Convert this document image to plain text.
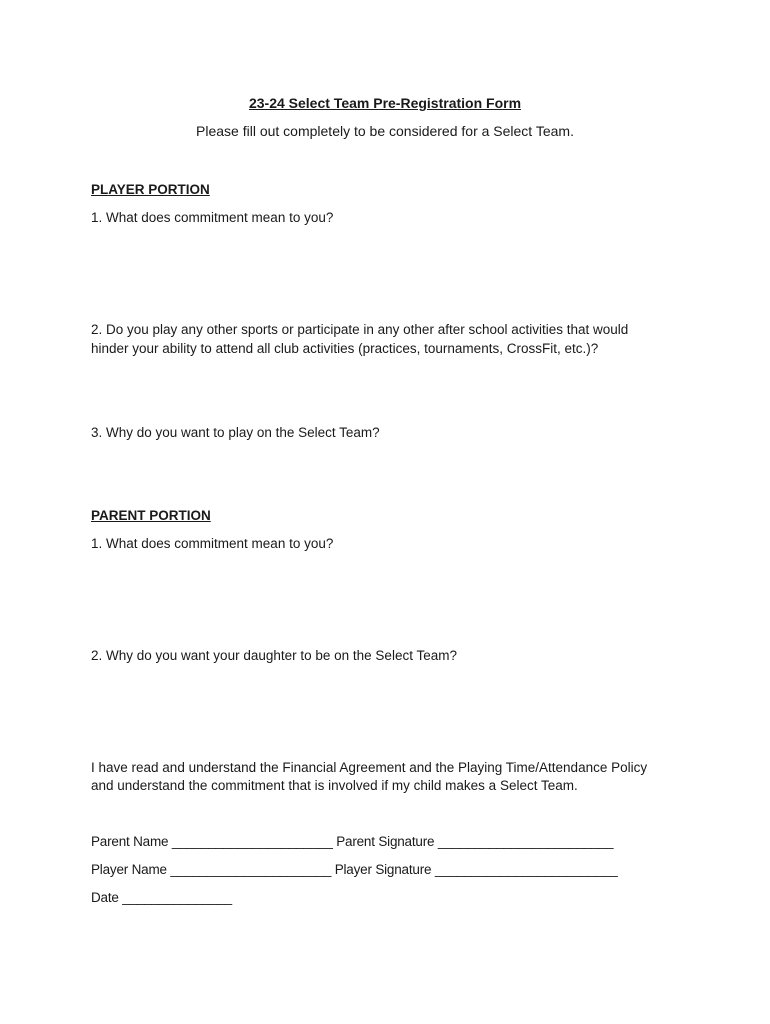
23-24 Select Team Pre-Registration Form

Please fill out completely to be considered for a Select Team.

PLAYER PORTION

1. What does commitment mean to you?

2. Do you play any other sports or participate in any other after school activities that would

hinder your ability to attend all club activities (practices, tournaments, CrossFit, etc.)?

3. Why do you want to play on the Select Team?

PARENT PORTION

1. What does commitment mean to you?

2. Why do you want your daughter to be on the Select Team?

I have read and understand the Financial Agreement and the Playing Time/Attendance Policy

and understand the commitment that is involved if my child makes a Select Team.

Parent Name ______________________ Parent Signature ________________________

Player Name ______________________ Player Signature _________________________

Date _______________
